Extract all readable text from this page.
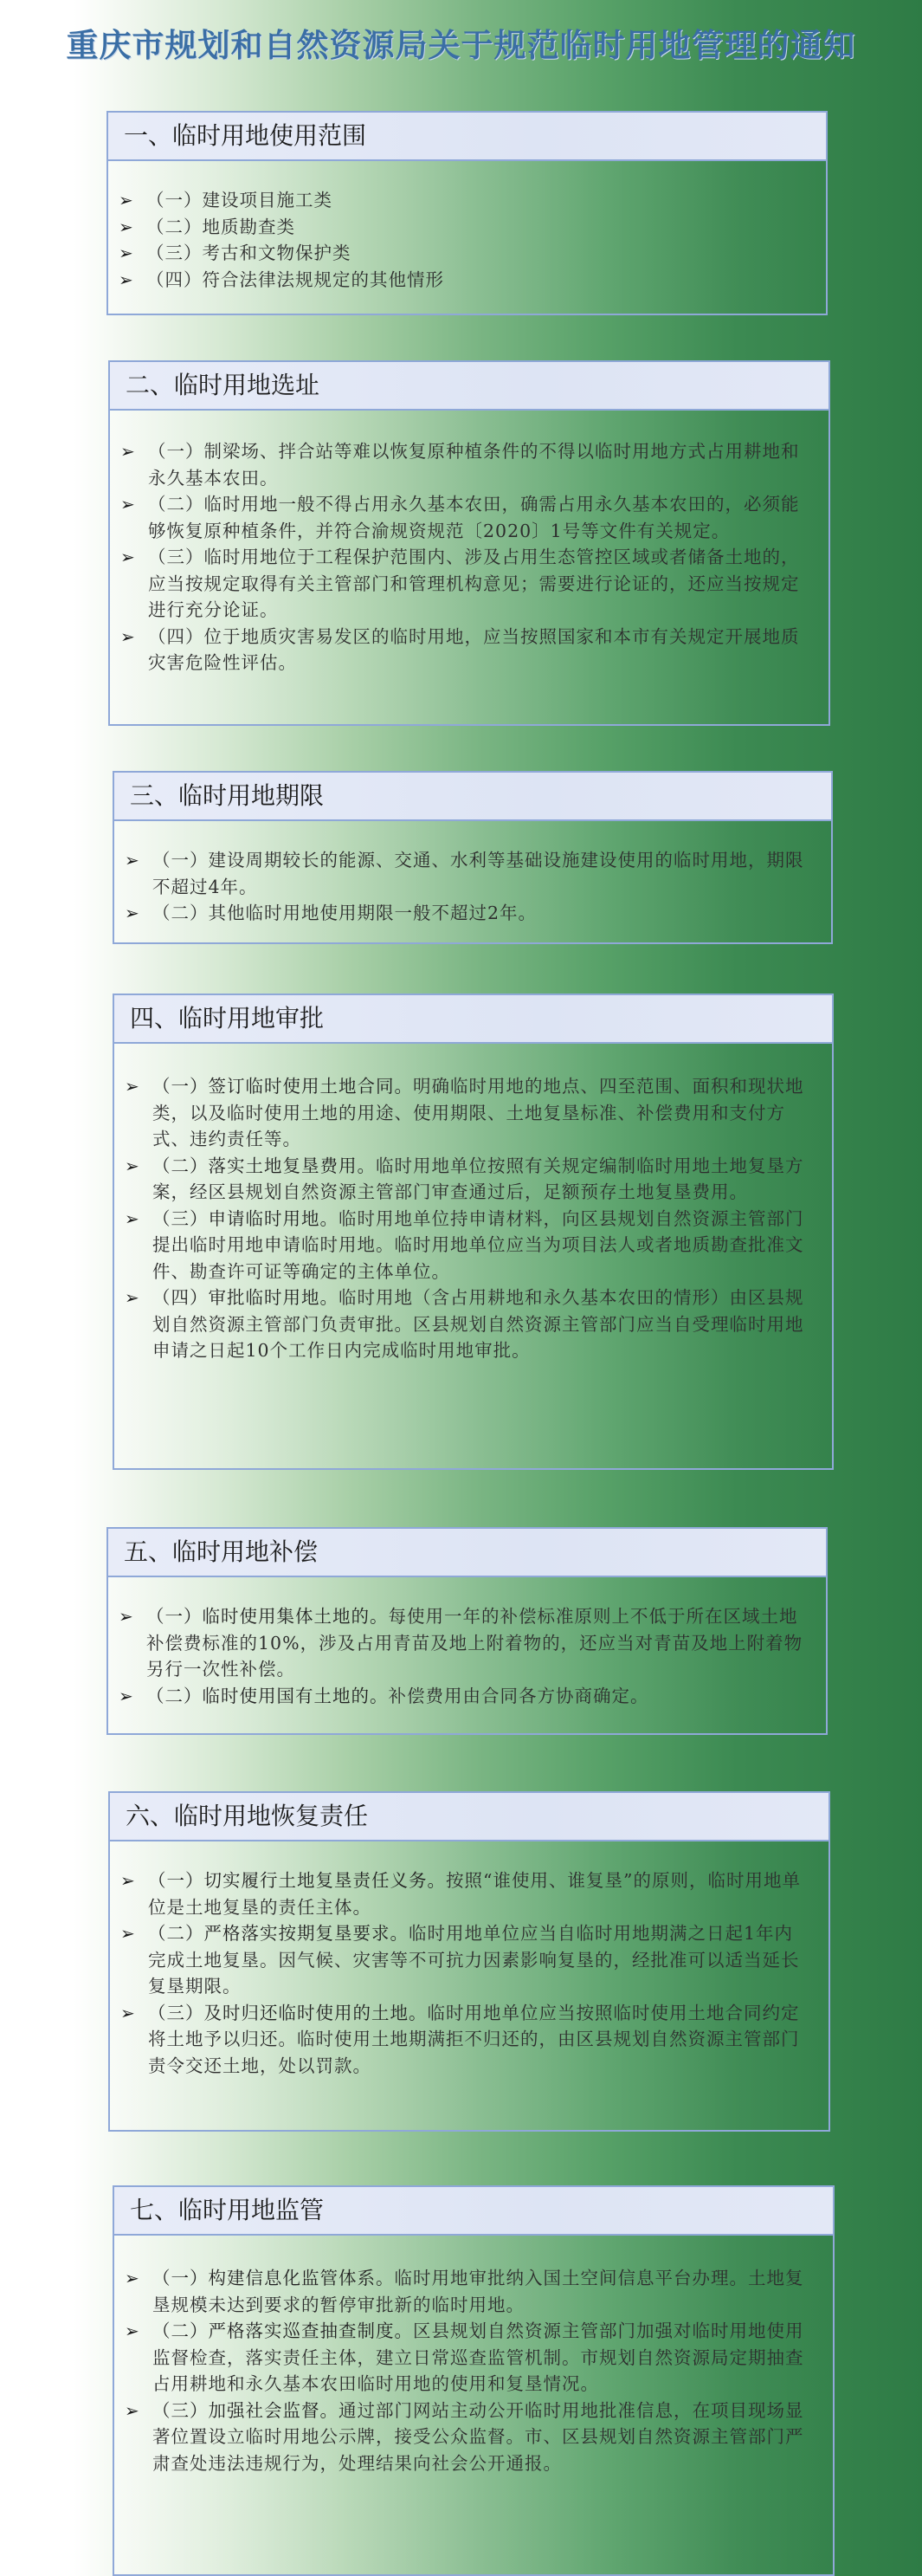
重庆市规划和自然资源局关于规范临时用地管理的通知
一、临时用地使用范围
➢ （一）建设项目施工类
➢ （二）地质勘查类
➢ （三）考古和文物保护类
➢ （四）符合法律法规规定的其他情形
二、临时用地选址
➢ （一）制梁场、拌合站等难以恢复原种植条件的不得以临时用地方式占用耕地和永久基本农田。
➢ （二）临时用地一般不得占用永久基本农田，确需占用永久基本农田的，必须能够恢复原种植条件，并符合渝规资规范〔2020〕1号等文件有关规定。
➢ （三）临时用地位于工程保护范围内、涉及占用生态管控区域或者储备土地的，应当按规定取得有关主管部门和管理机构意见；需要进行论证的，还应当按规定进行充分论证。
➢ （四）位于地质灾害易发区的临时用地，应当按照国家和本市有关规定开展地质灾害危险性评估。
三、临时用地期限
➢ （一）建设周期较长的能源、交通、水利等基础设施建设使用的临时用地，期限不超过4年。
➢ （二）其他临时用地使用期限一般不超过2年。
四、临时用地审批
➢ （一）签订临时使用土地合同。明确临时用地的地点、四至范围、面积和现状地类，以及临时使用土地的用途、使用期限、土地复垦标准、补偿费用和支付方式、违约责任等。
➢ （二）落实土地复垦费用。临时用地单位按照有关规定编制临时用地土地复垦方案，经区县规划自然资源主管部门审查通过后，足额预存土地复垦费用。
➢ （三）申请临时用地。临时用地单位持申请材料，向区县规划自然资源主管部门提出临时用地申请临时用地。临时用地单位应当为项目法人或者地质勘查批准文件、勘查许可证等确定的主体单位。
➢ （四）审批临时用地。临时用地（含占用耕地和永久基本农田的情形）由区县规划自然资源主管部门负责审批。区县规划自然资源主管部门应当自受理临时用地申请之日起10个工作日内完成临时用地审批。
五、临时用地补偿
➢ （一）临时使用集体土地的。每使用一年的补偿标准原则上不低于所在区域土地补偿费标准的10%，涉及占用青苗及地上附着物的，还应当对青苗及地上附着物另行一次性补偿。
➢ （二）临时使用国有土地的。补偿费用由合同各方协商确定。
六、临时用地恢复责任
➢ （一）切实履行土地复垦责任义务。按照“谁使用、谁复垦”的原则，临时用地单位是土地复垦的责任主体。
➢ （二）严格落实按期复垦要求。临时用地单位应当自临时用地期满之日起1年内完成土地复垦。因气候、灾害等不可抗力因素影响复垦的，经批准可以适当延长复垦期限。
➢ （三）及时归还临时使用的土地。临时用地单位应当按照临时使用土地合同约定将土地予以归还。临时使用土地期满拒不归还的，由区县规划自然资源主管部门责令交还土地，处以罚款。
七、临时用地监管
➢ （一）构建信息化监管体系。临时用地审批纳入国土空间信息平台办理。土地复垦规模未达到要求的暂停审批新的临时用地。
➢ （二）严格落实巡查抽查制度。区县规划自然资源主管部门加强对临时用地使用监督检查，落实责任主体，建立日常巡查监管机制。市规划自然资源局定期抽查占用耕地和永久基本农田临时用地的使用和复垦情况。
➢ （三）加强社会监督。通过部门网站主动公开临时用地批准信息，在项目现场显著位置设立临时用地公示牌，接受公众监督。市、区县规划自然资源主管部门严肃查处违法违规行为，处理结果向社会公开通报。
